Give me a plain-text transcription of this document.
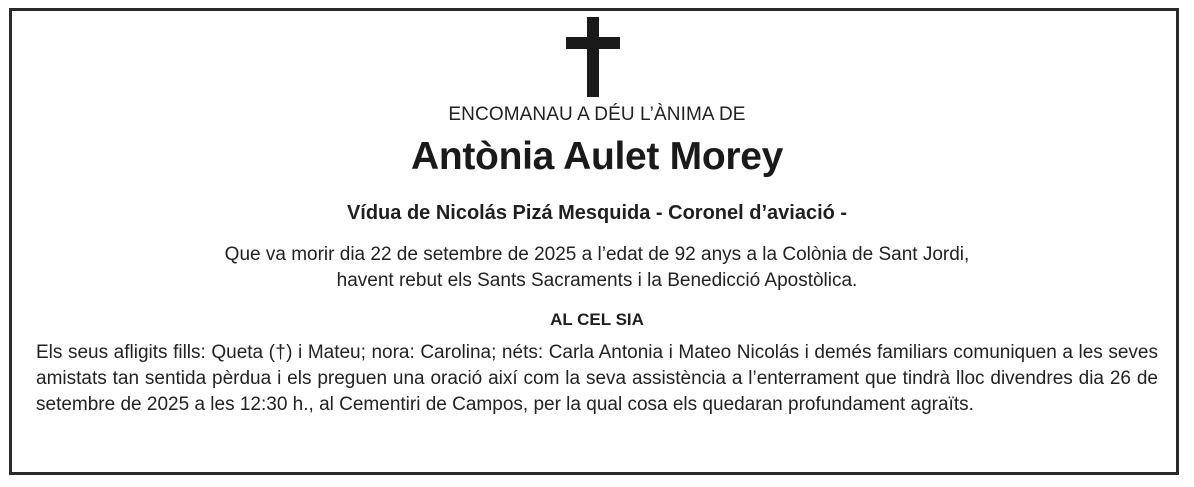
ENCOMANAU A DÉU L’ÀNIMA DE
Antònia Aulet Morey
Vídua de Nicolás Pizá Mesquida - Coronel d’aviació -
Que va morir dia 22 de setembre de 2025 a l’edat de 92 anys a la Colònia de Sant Jordi,
havent rebut els Sants Sacraments i la Benedicció Apostòlica.
AL CEL SIA
Els seus afligits fills: Queta (†) i Mateu; nora: Carolina; néts: Carla Antonia i Mateo Nicolás i demés familiars comuniquen a les seves amistats tan sentida pèrdua i els preguen una oració així com la seva assistència a l’enterrament que tindrà lloc divendres dia 26 de setembre de 2025 a les 12:30 h., al Cementiri de Campos, per la qual cosa els quedaran profundament agraïts.
